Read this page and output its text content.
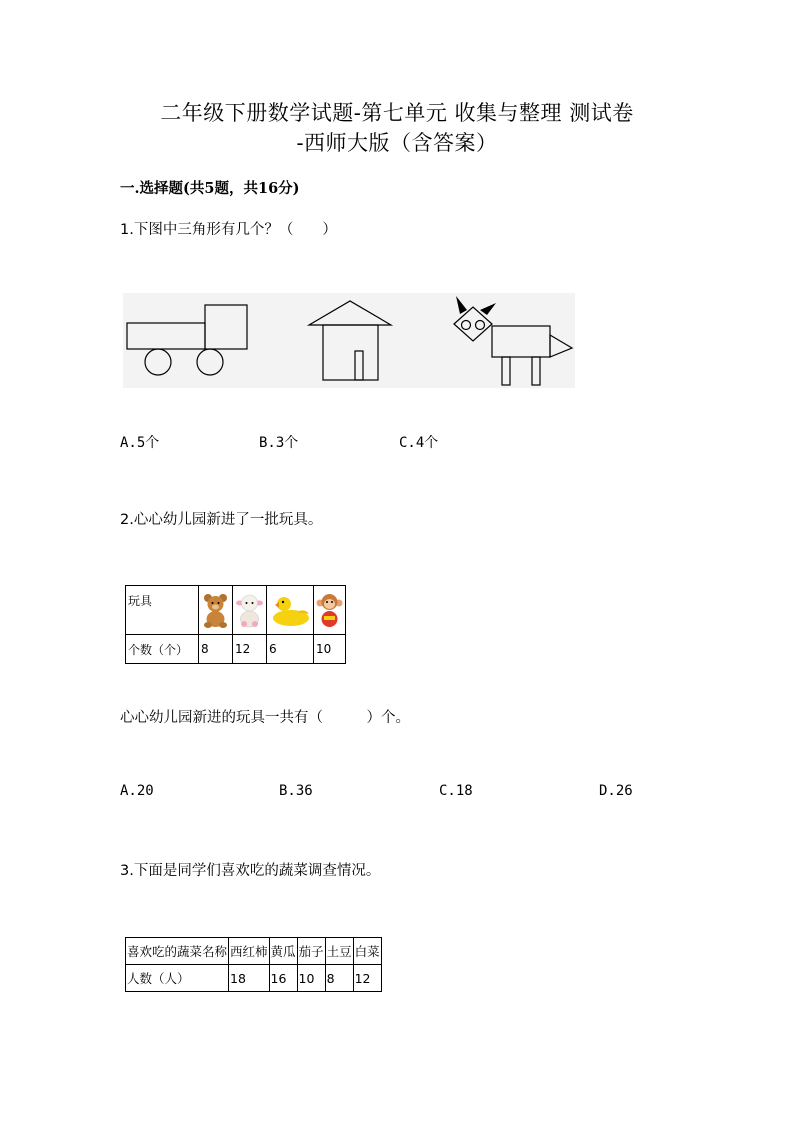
二年级下册数学试题-第七单元 收集与整理 测试卷
-西师大版（含答案）
一.选择题(共5题，共16分)
1.下图中三角形有几个？（　　）
A.5个	B.3个	C.4个
2.心心幼儿园新进了一批玩具。
玩具				
个数（个）	8	12	6	10
心心幼儿园新进的玩具一共有（　　　）个。
A.20	B.36	C.18	D.26
3.下面是同学们喜欢吃的蔬菜调查情况。
喜欢吃的蔬菜名称	西红柿	黄瓜	茄子	土豆	白菜
人数（人）	18	16	10	8	12
